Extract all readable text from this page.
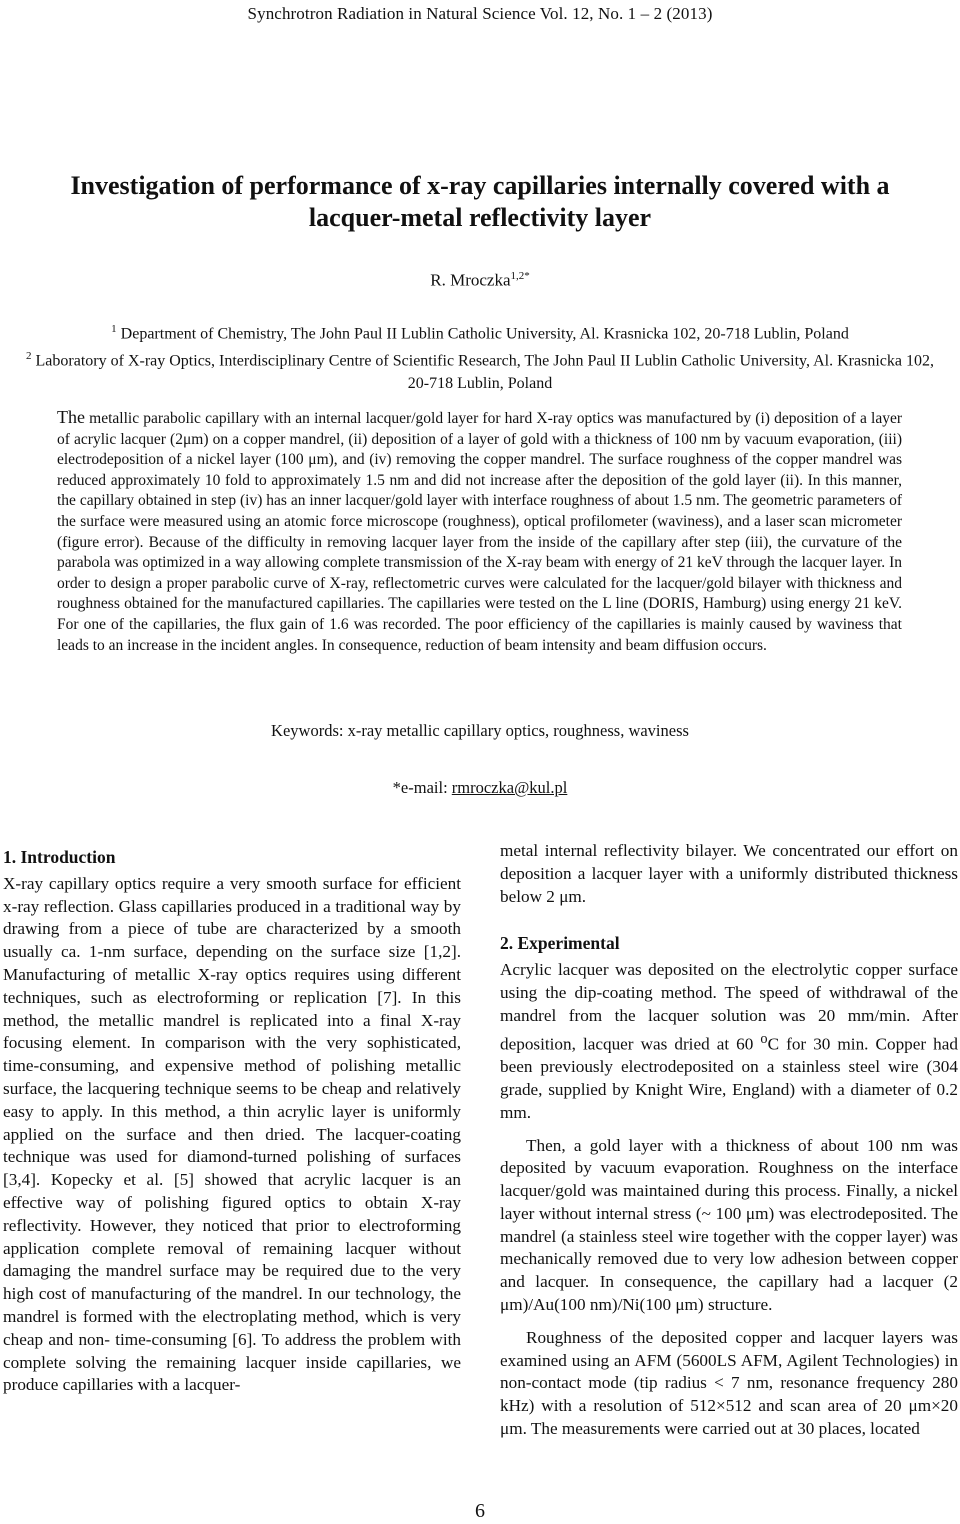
Synchrotron Radiation in Natural Science Vol. 12, No. 1 – 2 (2013)
Investigation of performance of x-ray capillaries internally covered with a lacquer-metal reflectivity layer
R. Mroczka$^{1,2*}$
$^1$ Department of Chemistry, The John Paul II Lublin Catholic University, Al. Krasnicka 102, 20-718 Lublin, Poland
$^2$ Laboratory of X-ray Optics, Interdisciplinary Centre of Scientific Research, The John Paul II Lublin Catholic University, Al. Krasnicka 102, 20-718 Lublin, Poland
The metallic parabolic capillary with an internal lacquer/gold layer for hard X-ray optics was manufactured by (i) deposition of a layer of acrylic lacquer (2μm) on a copper mandrel, (ii) deposition of a layer of gold with a thickness of 100 nm by vacuum evaporation, (iii) electrodeposition of a nickel layer (100 μm), and (iv) removing the copper mandrel. The surface roughness of the copper mandrel was reduced approximately 10 fold to approximately 1.5 nm and did not increase after the deposition of the gold layer (ii). In this manner, the capillary obtained in step (iv) has an inner lacquer/gold layer with interface roughness of about 1.5 nm. The geometric parameters of the surface were measured using an atomic force microscope (roughness), optical profilometer (waviness), and a laser scan micrometer (figure error). Because of the difficulty in removing lacquer layer from the inside of the capillary after step (iii), the curvature of the parabola was optimized in a way allowing complete transmission of the X-ray beam with energy of 21 keV through the lacquer layer. In order to design a proper parabolic curve of X-ray, reflectometric curves were calculated for the lacquer/gold bilayer with thickness and roughness obtained for the manufactured capillaries. The capillaries were tested on the L line (DORIS, Hamburg) using energy 21 keV. For one of the capillaries, the flux gain of 1.6 was recorded. The poor efficiency of the capillaries is mainly caused by waviness that leads to an increase in the incident angles. In consequence, reduction of beam intensity and beam diffusion occurs.
Keywords: x-ray metallic capillary optics, roughness, waviness
*e-mail: rmroczka@kul.pl
1. Introduction

X-ray capillary optics require a very smooth surface for efficient x-ray reflection. Glass capillaries produced in a traditional way by drawing from a piece of tube are characterized by a smooth usually ca. 1-nm surface, depending on the surface size [1,2]. Manufacturing of metallic X-ray optics requires using different techniques, such as electroforming or replication [7]. In this method, the metallic mandrel is replicated into a final X-ray focusing element. In comparison with the very sophisticated, time-consuming, and expensive method of polishing metallic surface, the lacquering technique seems to be cheap and relatively easy to apply. In this method, a thin acrylic layer is uniformly applied on the surface and then dried. The lacquer-coating technique was used for diamond-turned polishing of surfaces [3,4]. Kopecky et al. [5] showed that acrylic lacquer is an effective way of polishing figured optics to obtain X-ray reflectivity. However, they noticed that prior to electroforming application complete removal of remaining lacquer without damaging the mandrel surface may be required due to the very high cost of manufacturing of the mandrel. In our technology, the mandrel is formed with the electroplating method, which is very cheap and non- time-consuming [6]. To address the problem with complete solving the remaining lacquer inside capillaries, we produce capillaries with a lacquer-

metal internal reflectivity bilayer. We concentrated our effort on deposition a lacquer layer with a uniformly distributed thickness below 2 μm.

2. Experimental

Acrylic lacquer was deposited on the electrolytic copper surface using the dip-coating method. The speed of withdrawal of the mandrel from the lacquer solution was 20 mm/min. After deposition, lacquer was dried at 60 $^o$C for 30 min. Copper had been previously electrodeposited on a stainless steel wire (304 grade, supplied by Knight Wire, England) with a diameter of 0.2 mm.

Then, a gold layer with a thickness of about 100 nm was deposited by vacuum evaporation. Roughness on the interface lacquer/gold was maintained during this process. Finally, a nickel layer without internal stress (~ 100 μm) was electrodeposited. The mandrel (a stainless steel wire together with the copper layer) was mechanically removed due to very low adhesion between copper and lacquer. In consequence, the capillary had a lacquer (2 μm)/Au(100 nm)/Ni(100 μm) structure.

Roughness of the deposited copper and lacquer layers was examined using an AFM (5600LS AFM, Agilent Technologies) in non-contact mode (tip radius < 7 nm, resonance frequency 280 kHz) with a resolution of 512×512 and scan area of 20 μm×20 μm. The measurements were carried out at 30 places, located

6
